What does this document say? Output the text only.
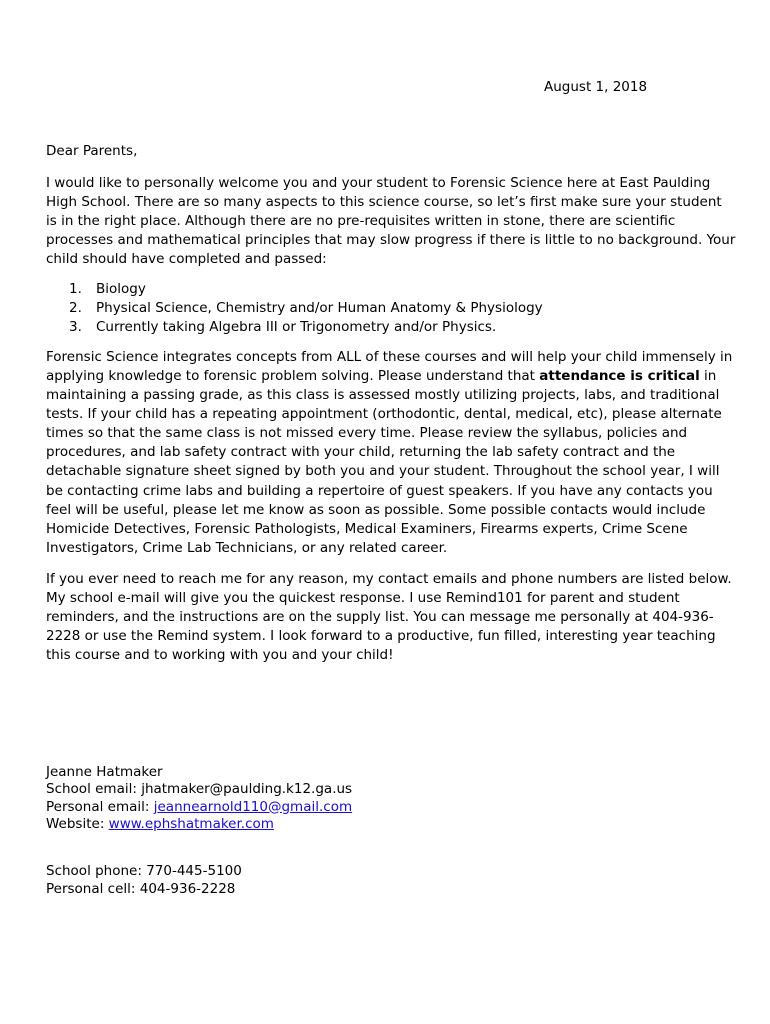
August 1, 2018

Dear Parents,

I would like to personally welcome you and your student to Forensic Science here at East Paulding High School. There are so many aspects to this science course, so let’s first make sure your student is in the right place. Although there are no pre-requisites written in stone, there are scientific processes and mathematical principles that may slow progress if there is little to no background. Your child should have completed and passed:

1.	Biology
2.	Physical Science, Chemistry and/or Human Anatomy & Physiology
3.	Currently taking Algebra III or Trigonometry and/or Physics.

Forensic Science integrates concepts from ALL of these courses and will help your child immensely in applying knowledge to forensic problem solving. Please understand that attendance is critical in maintaining a passing grade, as this class is assessed mostly utilizing projects, labs, and traditional tests. If your child has a repeating appointment (orthodontic, dental, medical, etc), please alternate times so that the same class is not missed every time. Please review the syllabus, policies and procedures, and lab safety contract with your child, returning the lab safety contract and the detachable signature sheet signed by both you and your student. Throughout the school year, I will be contacting crime labs and building a repertoire of guest speakers. If you have any contacts you feel will be useful, please let me know as soon as possible. Some possible contacts would include Homicide Detectives, Forensic Pathologists, Medical Examiners, Firearms experts, Crime Scene Investigators, Crime Lab Technicians, or any related career.

If you ever need to reach me for any reason, my contact emails and phone numbers are listed below. My school e-mail will give you the quickest response. I use Remind101 for parent and student reminders, and the instructions are on the supply list. You can message me personally at 404-936-2228 or use the Remind system. I look forward to a productive, fun filled, interesting year teaching this course and to working with you and your child!

Jeanne Hatmaker
School email: jhatmaker@paulding.k12.ga.us
Personal email: jeannearnold110@gmail.com
Website: www.ephshatmaker.com
School phone: 770-445-5100
Personal cell: 404-936-2228
